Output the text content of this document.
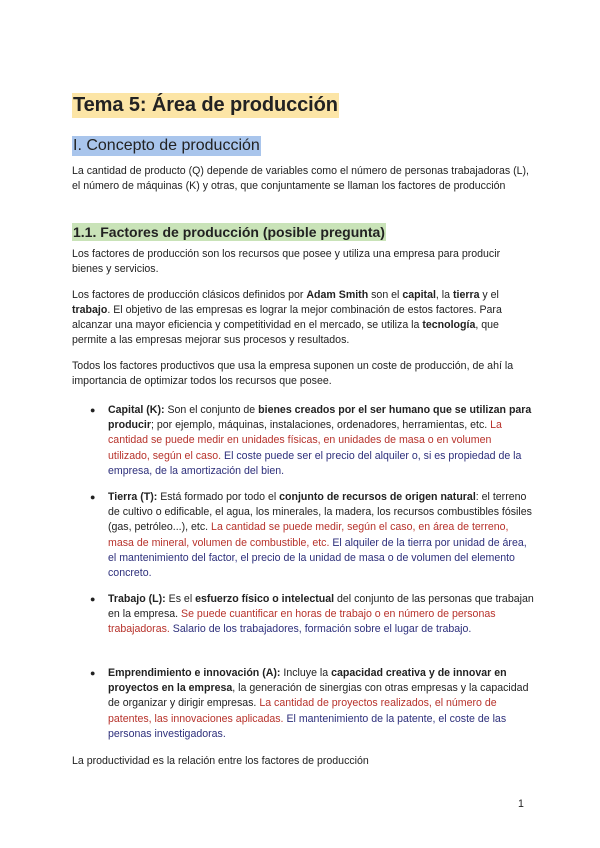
Tema 5: Área de producción
I. Concepto de producción
La cantidad de producto (Q) depende de variables como el número de personas trabajadoras (L), el número de máquinas (K) y otras, que conjuntamente se llaman los factores de producción
1.1. Factores de producción (posible pregunta)
Los factores de producción son los recursos que posee y utiliza una empresa para producir bienes y servicios.
Los factores de producción clásicos definidos por Adam Smith son el capital, la tierra y el trabajo. El objetivo de las empresas es lograr la mejor combinación de estos factores. Para alcanzar una mayor eficiencia y competitividad en el mercado, se utiliza la tecnología, que permite a las empresas mejorar sus procesos y resultados.
Todos los factores productivos que usa la empresa suponen un coste de producción, de ahí la importancia de optimizar todos los recursos que posee.
● Capital (K): Son el conjunto de bienes creados por el ser humano que se utilizan para producir; por ejemplo, máquinas, instalaciones, ordenadores, herramientas, etc. La cantidad se puede medir en unidades físicas, en unidades de masa o en volumen utilizado, según el caso. El coste puede ser el precio del alquiler o, si es propiedad de la empresa, de la amortización del bien.
● Tierra (T): Está formado por todo el conjunto de recursos de origen natural: el terreno de cultivo o edificable, el agua, los minerales, la madera, los recursos combustibles fósiles (gas, petróleo...), etc. La cantidad se puede medir, según el caso, en área de terreno, masa de mineral, volumen de combustible, etc. El alquiler de la tierra por unidad de área, el mantenimiento del factor, el precio de la unidad de masa o de volumen del elemento concreto.
● Trabajo (L): Es el esfuerzo físico o intelectual del conjunto de las personas que trabajan en la empresa. Se puede cuantificar en horas de trabajo o en número de personas trabajadoras. Salario de los trabajadores, formación sobre el lugar de trabajo.
● Emprendimiento e innovación (A): Incluye la capacidad creativa y de innovar en proyectos en la empresa, la generación de sinergias con otras empresas y la capacidad de organizar y dirigir empresas. La cantidad de proyectos realizados, el número de patentes, las innovaciones aplicadas. El mantenimiento de la patente, el coste de las personas investigadoras.
La productividad es la relación entre los factores de producción
1
